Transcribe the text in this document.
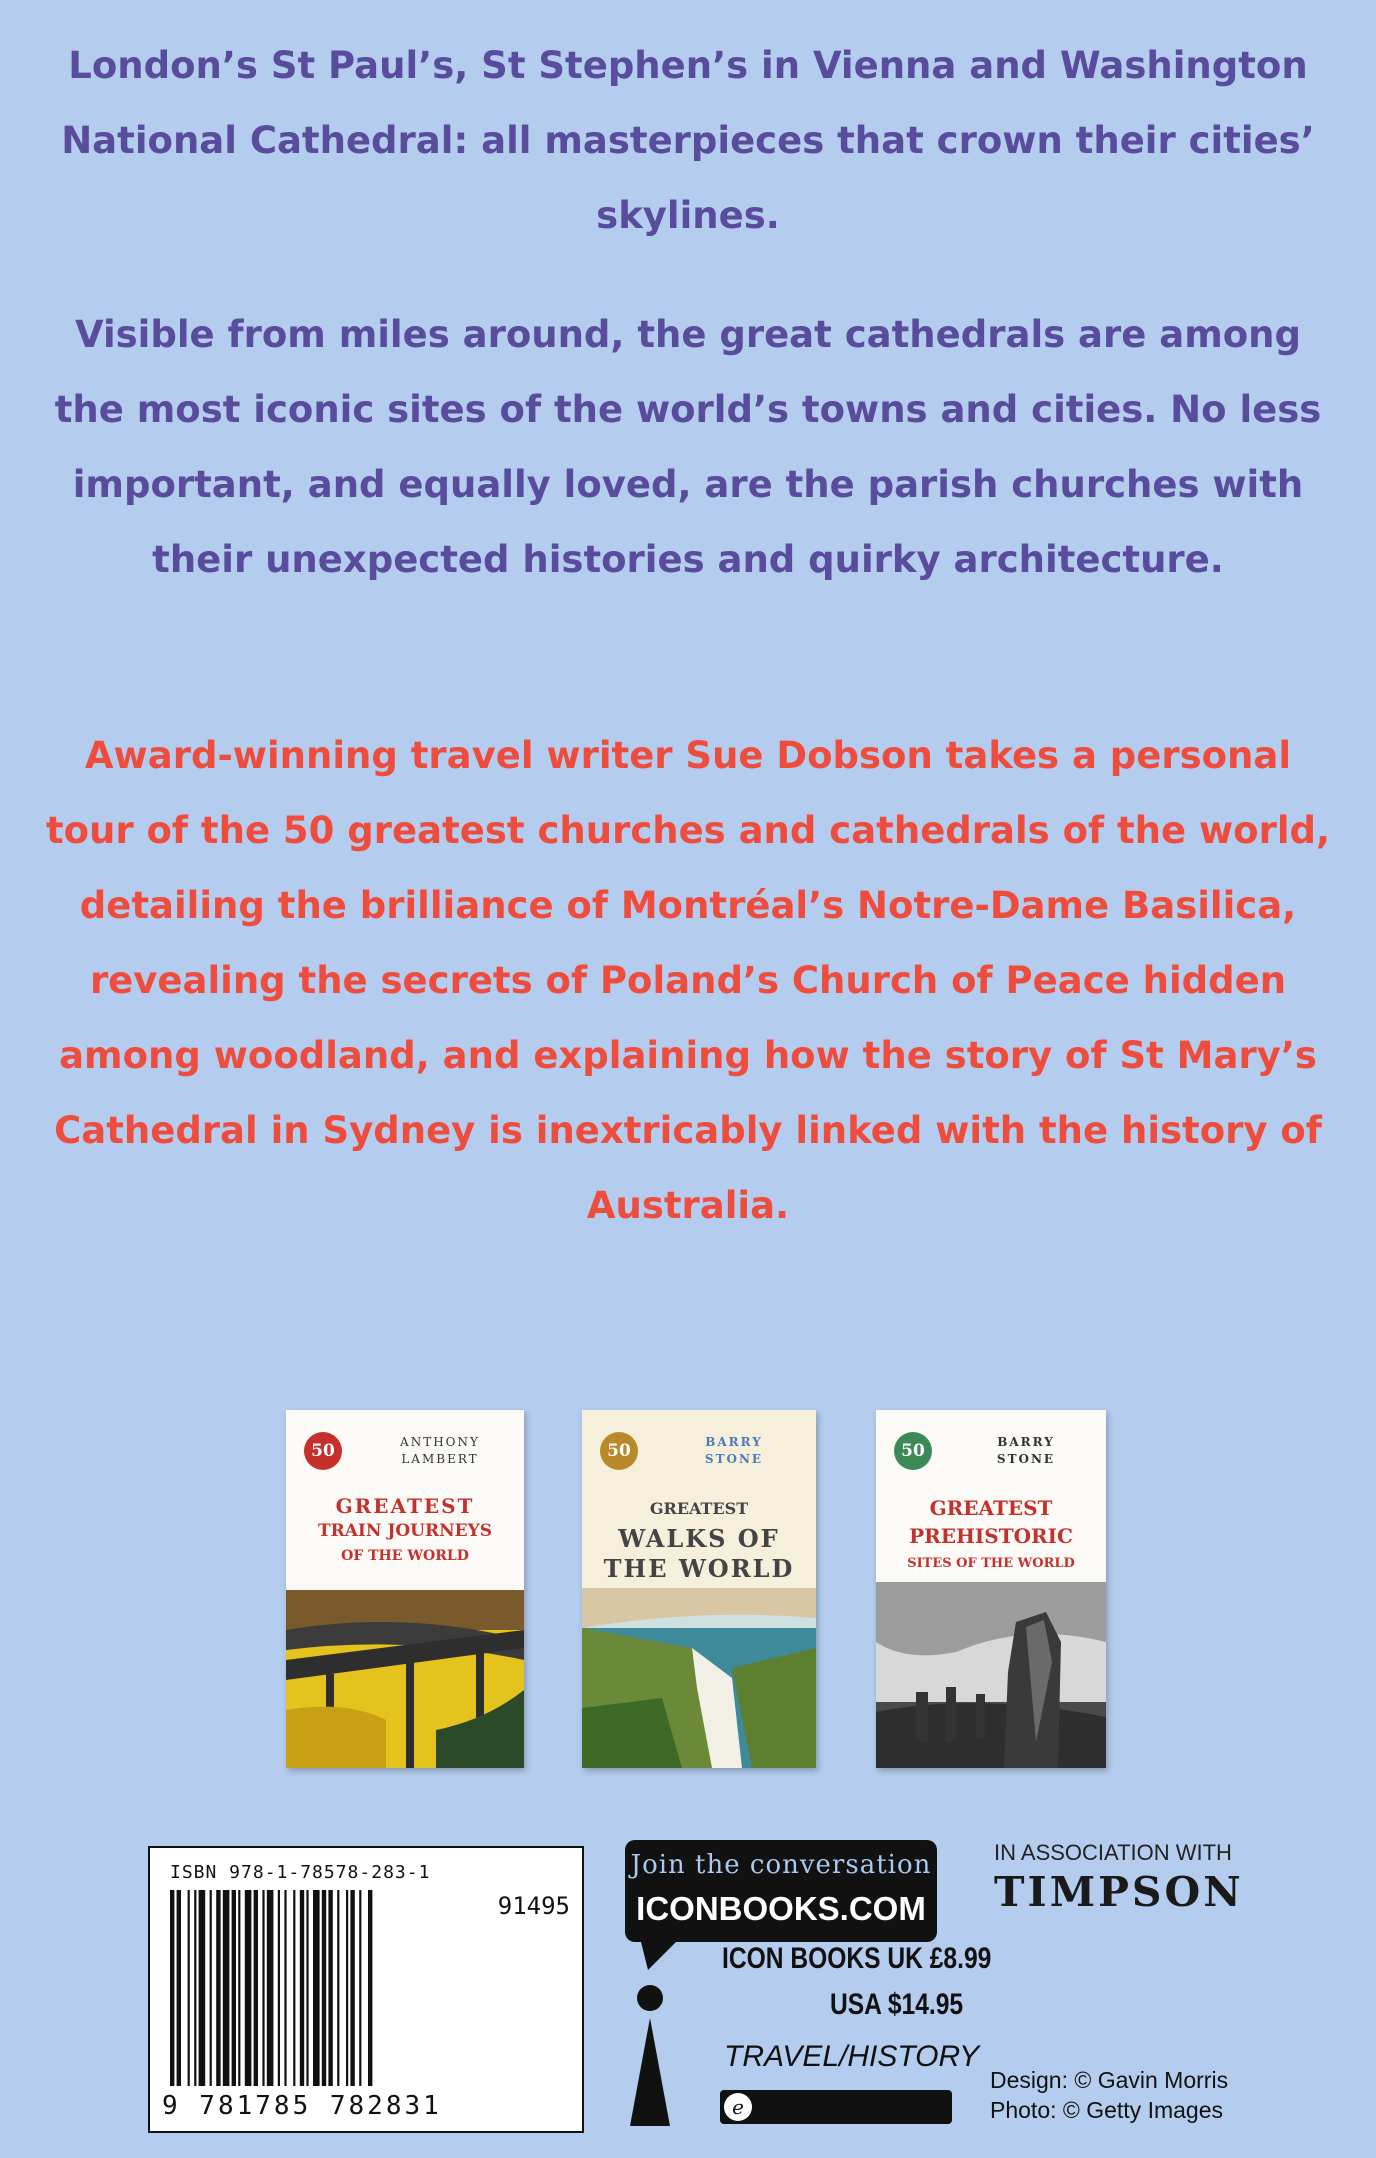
London’s St Paul’s, St Stephen’s in Vienna and Washington National Cathedral: all masterpieces that crown their cities’ skylines.

Visible from miles around, the great cathedrals are among the most iconic sites of the world’s towns and cities. No less important, and equally loved, are the parish churches with their unexpected histories and quirky architecture.

Award-winning travel writer Sue Dobson takes a personal tour of the 50 greatest churches and cathedrals of the world, detailing the brilliance of Montréal’s Notre-Dame Basilica, revealing the secrets of Poland’s Church of Peace hidden among woodland, and explaining how the story of St Mary’s Cathedral in Sydney is inextricably linked with the history of Australia.

50	ANTHONY
LAMBERT
GREATEST
TRAIN JOURNEYS
OF THE WORLD
50	BARRY
STONE
GREATEST
WALKS OF
THE WORLD
50	BARRY
STONE
GREATEST
PREHISTORIC
SITES OF THE WORLD
ISBN 978-1-78578-283-1
91495
9 781785 782831
Join the conversation
ICONBOOKS.COM
ICON BOOKS UK £8.99
USA $14.95
TRAVEL/HISTORY
e
IN ASSOCIATION WITH
TIMPSON
Design: © Gavin Morris
Photo: © Getty Images
